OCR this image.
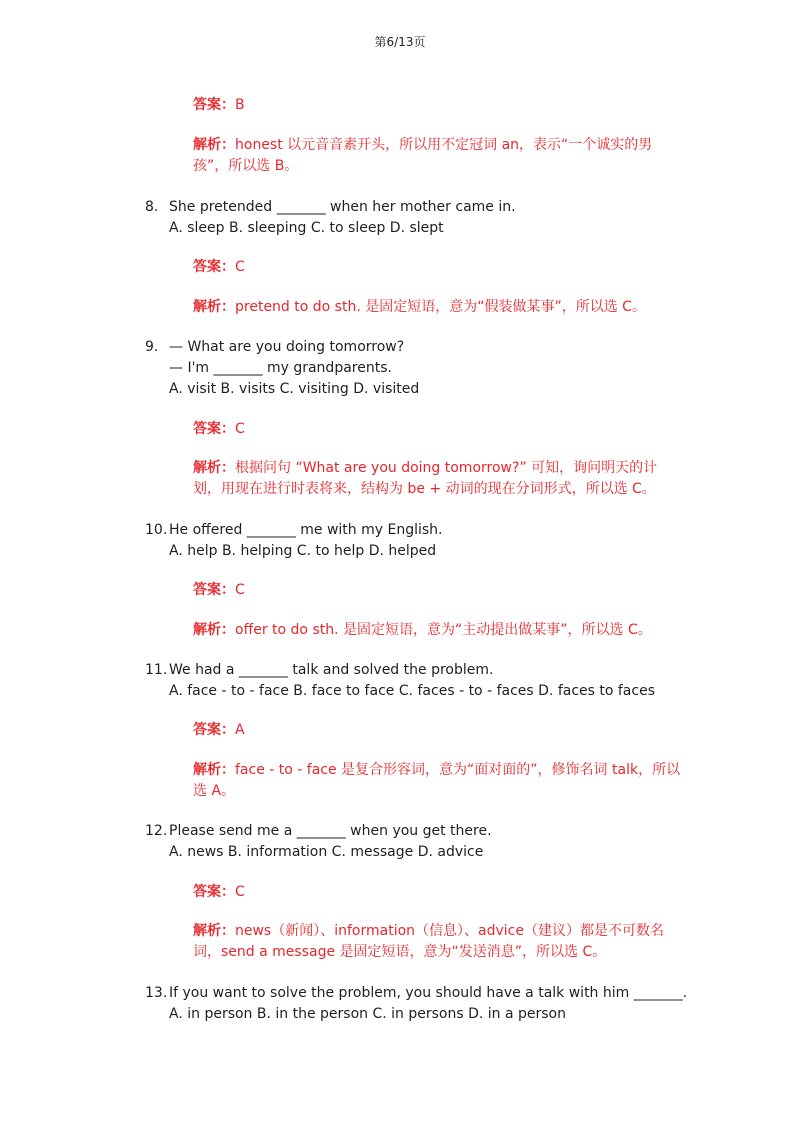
第6/13页
答案：B
解析：honest 以元音音素开头，所以用不定冠词 an，表示“一个诚实的男孩”，所以选 B。
8. She pretended _______ when her mother came in.
A. sleep B. sleeping C. to sleep D. slept
答案：C
解析：pretend to do sth. 是固定短语，意为“假装做某事”，所以选 C。
9. — What are you doing tomorrow?
— I'm _______ my grandparents.
A. visit B. visits C. visiting D. visited
答案：C
解析：根据问句 “What are you doing tomorrow?” 可知，询问明天的计划，用现在进行时表将来，结构为 be + 动词的现在分词形式，所以选 C。
10. He offered _______ me with my English.
A. help B. helping C. to help D. helped
答案：C
解析：offer to do sth. 是固定短语，意为“主动提出做某事”，所以选 C。
11. We had a _______ talk and solved the problem.
A. face - to - face B. face to face C. faces - to - faces D. faces to faces
答案：A
解析：face - to - face 是复合形容词，意为“面对面的”，修饰名词 talk，所以选 A。
12. Please send me a _______ when you get there.
A. news B. information C. message D. advice
答案：C
解析：news（新闻）、information（信息）、advice（建议）都是不可数名词，send a message 是固定短语，意为“发送消息”，所以选 C。
13. If you want to solve the problem, you should have a talk with him _______.
A. in person B. in the person C. in persons D. in a person
